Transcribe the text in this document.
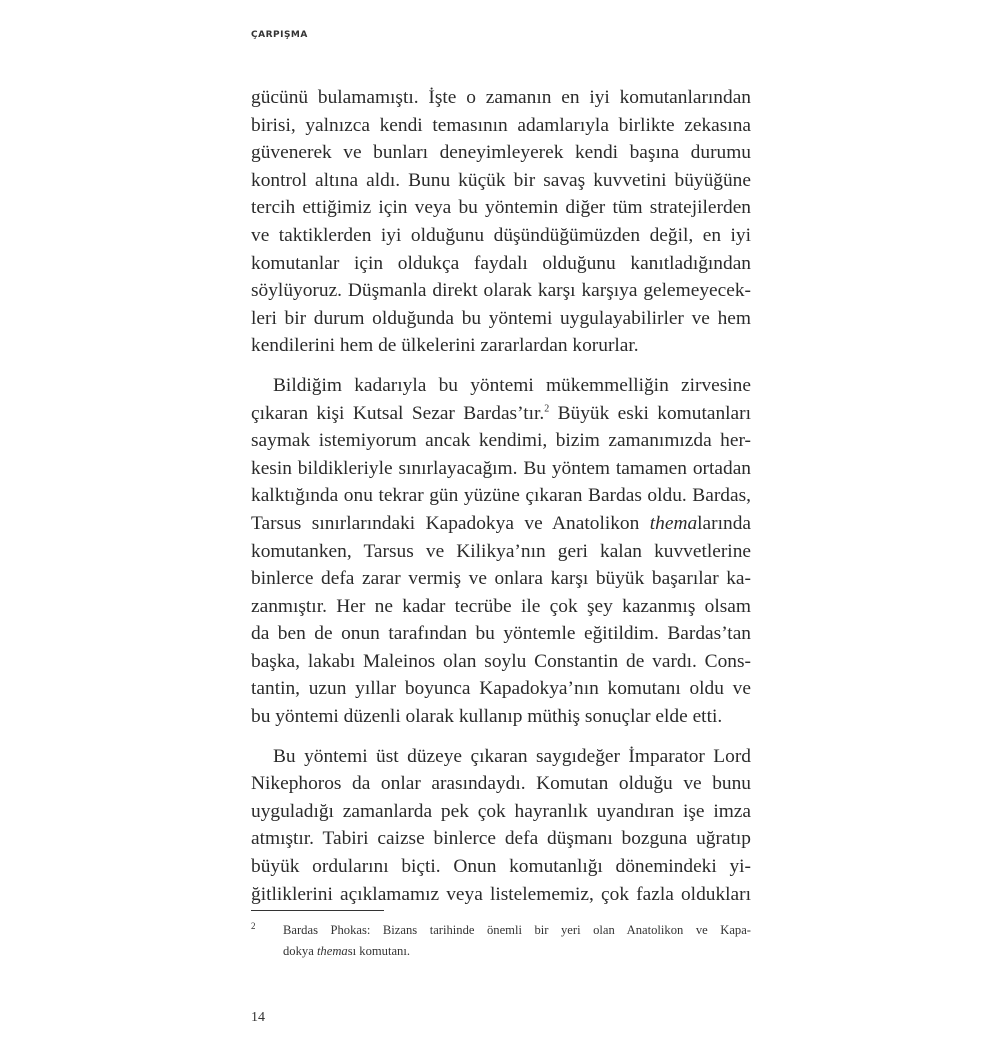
ÇARPIŞMA

gücünü bulamamıştı. İşte o zamanın en iyi komutanlarından
birisi, yalnızca kendi temasının adamlarıyla birlikte zekasına
güvenerek ve bunları deneyimleyerek kendi başına durumu
kontrol altına aldı. Bunu küçük bir savaş kuvvetini büyüğüne
tercih ettiğimiz için veya bu yöntemin diğer tüm stratejilerden
ve taktiklerden iyi olduğunu düşündüğümüzden değil, en iyi
komutanlar için oldukça faydalı olduğunu kanıtladığından
söylüyoruz. Düşmanla direkt olarak karşı karşıya gelemeyecek-
leri bir durum olduğunda bu yöntemi uygulayabilirler ve hem
kendilerini hem de ülkelerini zararlardan korurlar.

Bildiğim kadarıyla bu yöntemi mükemmelliğin zirvesine
çıkaran kişi Kutsal Sezar Bardas’tır.$^2$ Büyük eski komutanları
saymak istemiyorum ancak kendimi, bizim zamanımızda her-
kesin bildikleriyle sınırlayacağım. Bu yöntem tamamen ortadan
kalktığında onu tekrar gün yüzüne çıkaran Bardas oldu. Bardas,
Tarsus sınırlarındaki Kapadokya ve Anatolikon themalarında
komutanken, Tarsus ve Kilikya’nın geri kalan kuvvetlerine
binlerce defa zarar vermiş ve onlara karşı büyük başarılar ka-
zanmıştır. Her ne kadar tecrübe ile çok şey kazanmış olsam
da ben de onun tarafından bu yöntemle eğitildim. Bardas’tan
başka, lakabı Maleinos olan soylu Constantin de vardı. Cons-
tantin, uzun yıllar boyunca Kapadokya’nın komutanı oldu ve
bu yöntemi düzenli olarak kullanıp müthiş sonuçlar elde etti.

Bu yöntemi üst düzeye çıkaran saygıdeğer İmparator Lord
Nikephoros da onlar arasındaydı. Komutan olduğu ve bunu
uyguladığı zamanlarda pek çok hayranlık uyandıran işe imza
atmıştır. Tabiri caizse binlerce defa düşmanı bozguna uğratıp
büyük ordularını biçti. Onun komutanlığı dönemindeki yi-
ğitliklerini açıklamamız veya listelememiz, çok fazla oldukları

2 Bardas Phokas: Bizans tarihinde önemli bir yeri olan Anatolikon ve Kapa-
dokya theması komutanı.
14
